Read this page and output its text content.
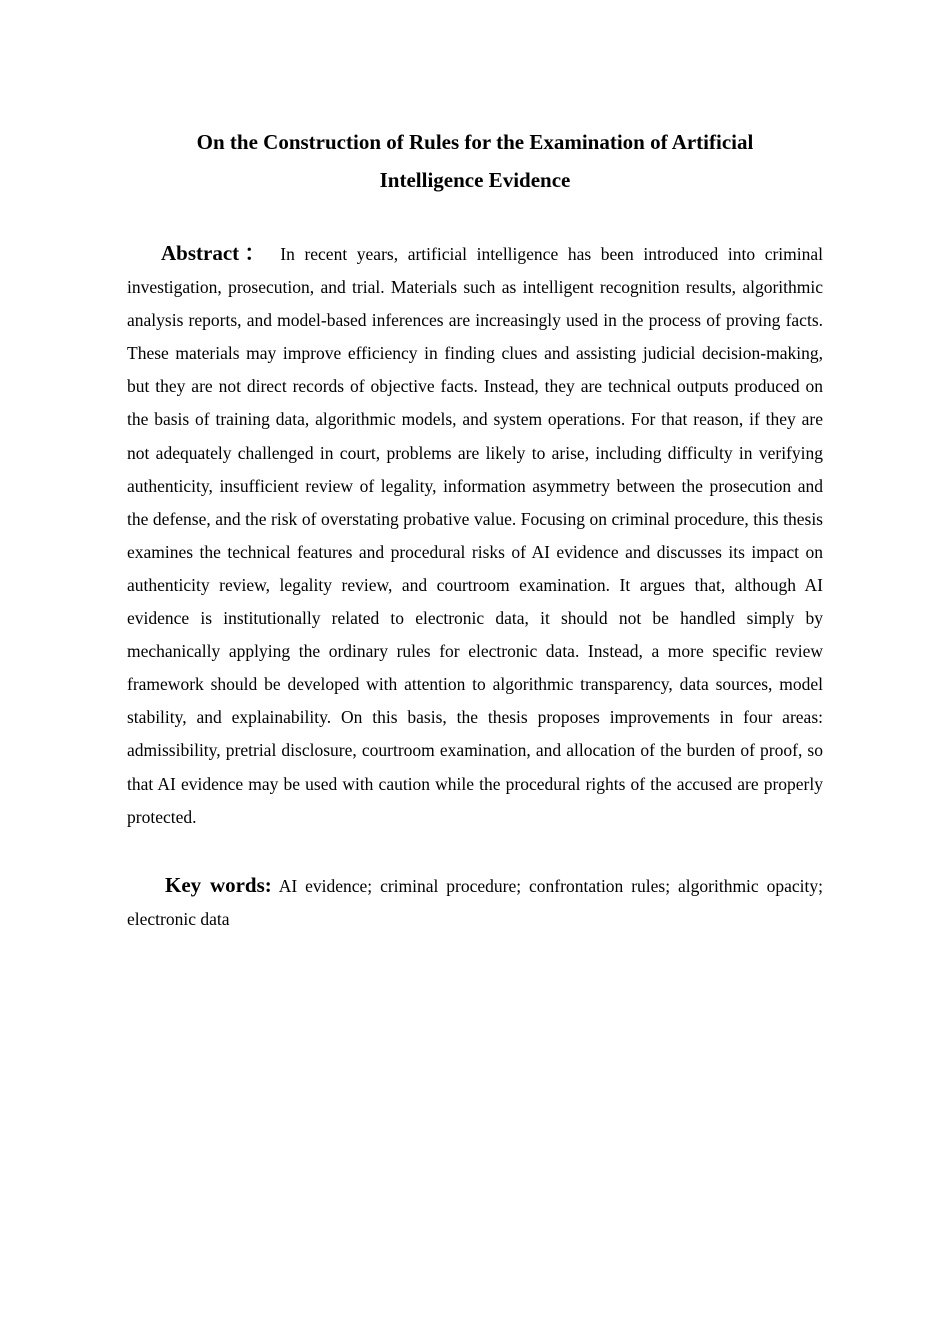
On the Construction of Rules for the Examination of Artificial
Intelligence Evidence

Abstract： In recent years, artificial intelligence has been introduced into criminal investigation, prosecution, and trial. Materials such as intelligent recognition results, algorithmic analysis reports, and model-based inferences are increasingly used in the process of proving facts. These materials may improve efficiency in finding clues and assisting judicial decision-making, but they are not direct records of objective facts. Instead, they are technical outputs produced on the basis of training data, algorithmic models, and system operations. For that reason, if they are not adequately challenged in court, problems are likely to arise, including difficulty in verifying authenticity, insufficient review of legality, information asymmetry between the prosecution and the defense, and the risk of overstating probative value. Focusing on criminal procedure, this thesis examines the technical features and procedural risks of AI evidence and discusses its impact on authenticity review, legality review, and courtroom examination. It argues that, although AI evidence is institutionally related to electronic data, it should not be handled simply by mechanically applying the ordinary rules for electronic data. Instead, a more specific review framework should be developed with attention to algorithmic transparency, data sources, model stability, and explainability. On this basis, the thesis proposes improvements in four areas: admissibility, pretrial disclosure, courtroom examination, and allocation of the burden of proof, so that AI evidence may be used with caution while the procedural rights of the accused are properly protected.

Key words: AI evidence; criminal procedure; confrontation rules; algorithmic opacity; electronic data
